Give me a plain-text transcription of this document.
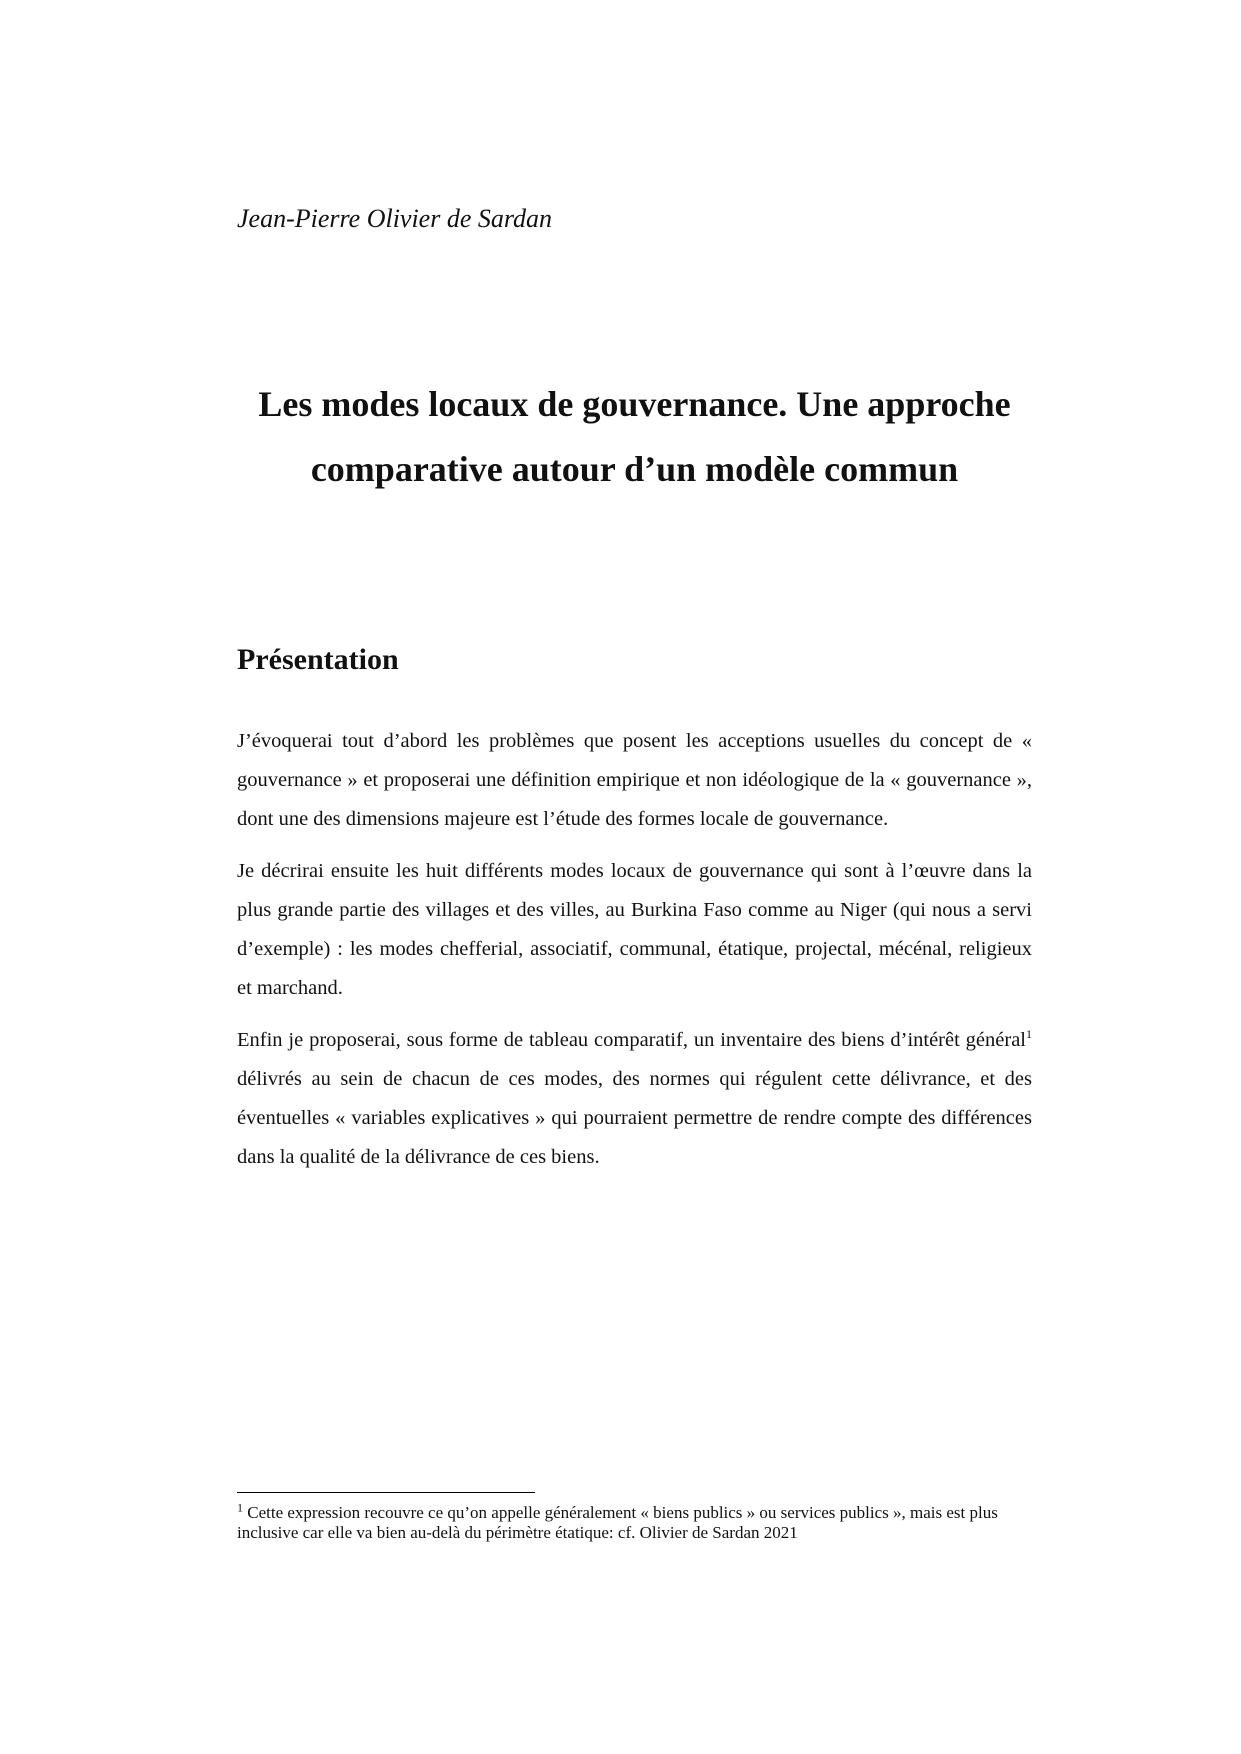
Jean-Pierre Olivier de Sardan
Les modes locaux de gouvernance. Une approche comparative autour d’un modèle commun
Présentation

J’évoquerai tout d’abord les problèmes que posent les acceptions usuelles du concept de « gouvernance » et proposerai une définition empirique et non idéologique de la « gouvernance », dont une des dimensions majeure est l’étude des formes locale de gouvernance.

Je décrirai ensuite les huit différents modes locaux de gouvernance qui sont à l’œuvre dans la plus grande partie des villages et des villes, au Burkina Faso comme au Niger (qui nous a servi d’exemple) : les modes chefferial, associatif, communal, étatique, projectal, mécénal, religieux et marchand.

Enfin je proposerai, sous forme de tableau comparatif, un inventaire des biens d’intérêt général$^1$ délivrés au sein de chacun de ces modes, des normes qui régulent cette délivrance, et des éventuelles « variables explicatives » qui pourraient permettre de rendre compte des différences dans la qualité de la délivrance de ces biens.

$^1$ Cette expression recouvre ce qu’on appelle généralement « biens publics » ou services publics », mais est plus inclusive car elle va bien au-delà du périmètre étatique: cf. Olivier de Sardan 2021
